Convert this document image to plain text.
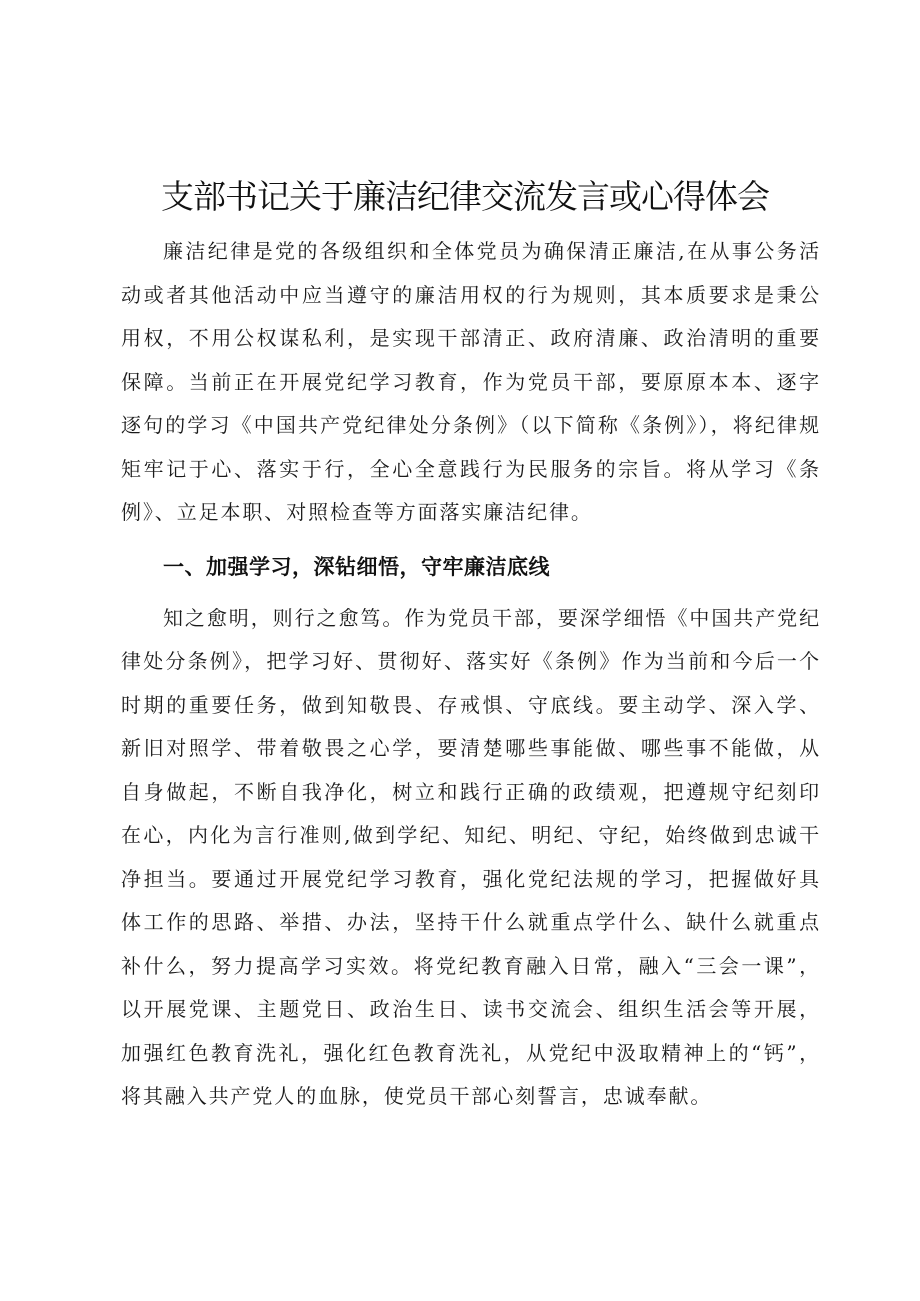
支部书记关于廉洁纪律交流发言或心得体会

廉洁纪律是党的各级组织和全体党员为确保清正廉洁,在从事公务活动或者其他活动中应当遵守的廉洁用权的行为规则，其本质要求是秉公用权，不用公权谋私利，是实现干部清正、政府清廉、政治清明的重要保障。当前正在开展党纪学习教育，作为党员干部，要原原本本、逐字逐句的学习《中国共产党纪律处分条例》（以下简称《条例》），将纪律规矩牢记于心、落实于行，全心全意践行为民服务的宗旨。将从学习《条例》、立足本职、对照检查等方面落实廉洁纪律。

一、加强学习，深钻细悟，守牢廉洁底线

知之愈明，则行之愈笃。作为党员干部，要深学细悟《中国共产党纪律处分条例》，把学习好、贯彻好、落实好《条例》作为当前和今后一个时期的重要任务，做到知敬畏、存戒惧、守底线。要主动学、深入学、新旧对照学、带着敬畏之心学，要清楚哪些事能做、哪些事不能做，从自身做起，不断自我净化，树立和践行正确的政绩观，把遵规守纪刻印在心，内化为言行准则,做到学纪、知纪、明纪、守纪，始终做到忠诚干净担当。要通过开展党纪学习教育，强化党纪法规的学习，把握做好具体工作的思路、举措、办法，坚持干什么就重点学什么、缺什么就重点补什么，努力提高学习实效。将党纪教育融入日常，融入“三会一课”，以开展党课、主题党日、政治生日、读书交流会、组织生活会等开展，加强红色教育洗礼，强化红色教育洗礼，从党纪中汲取精神上的“钙”，将其融入共产党人的血脉，使党员干部心刻誓言，忠诚奉献。
